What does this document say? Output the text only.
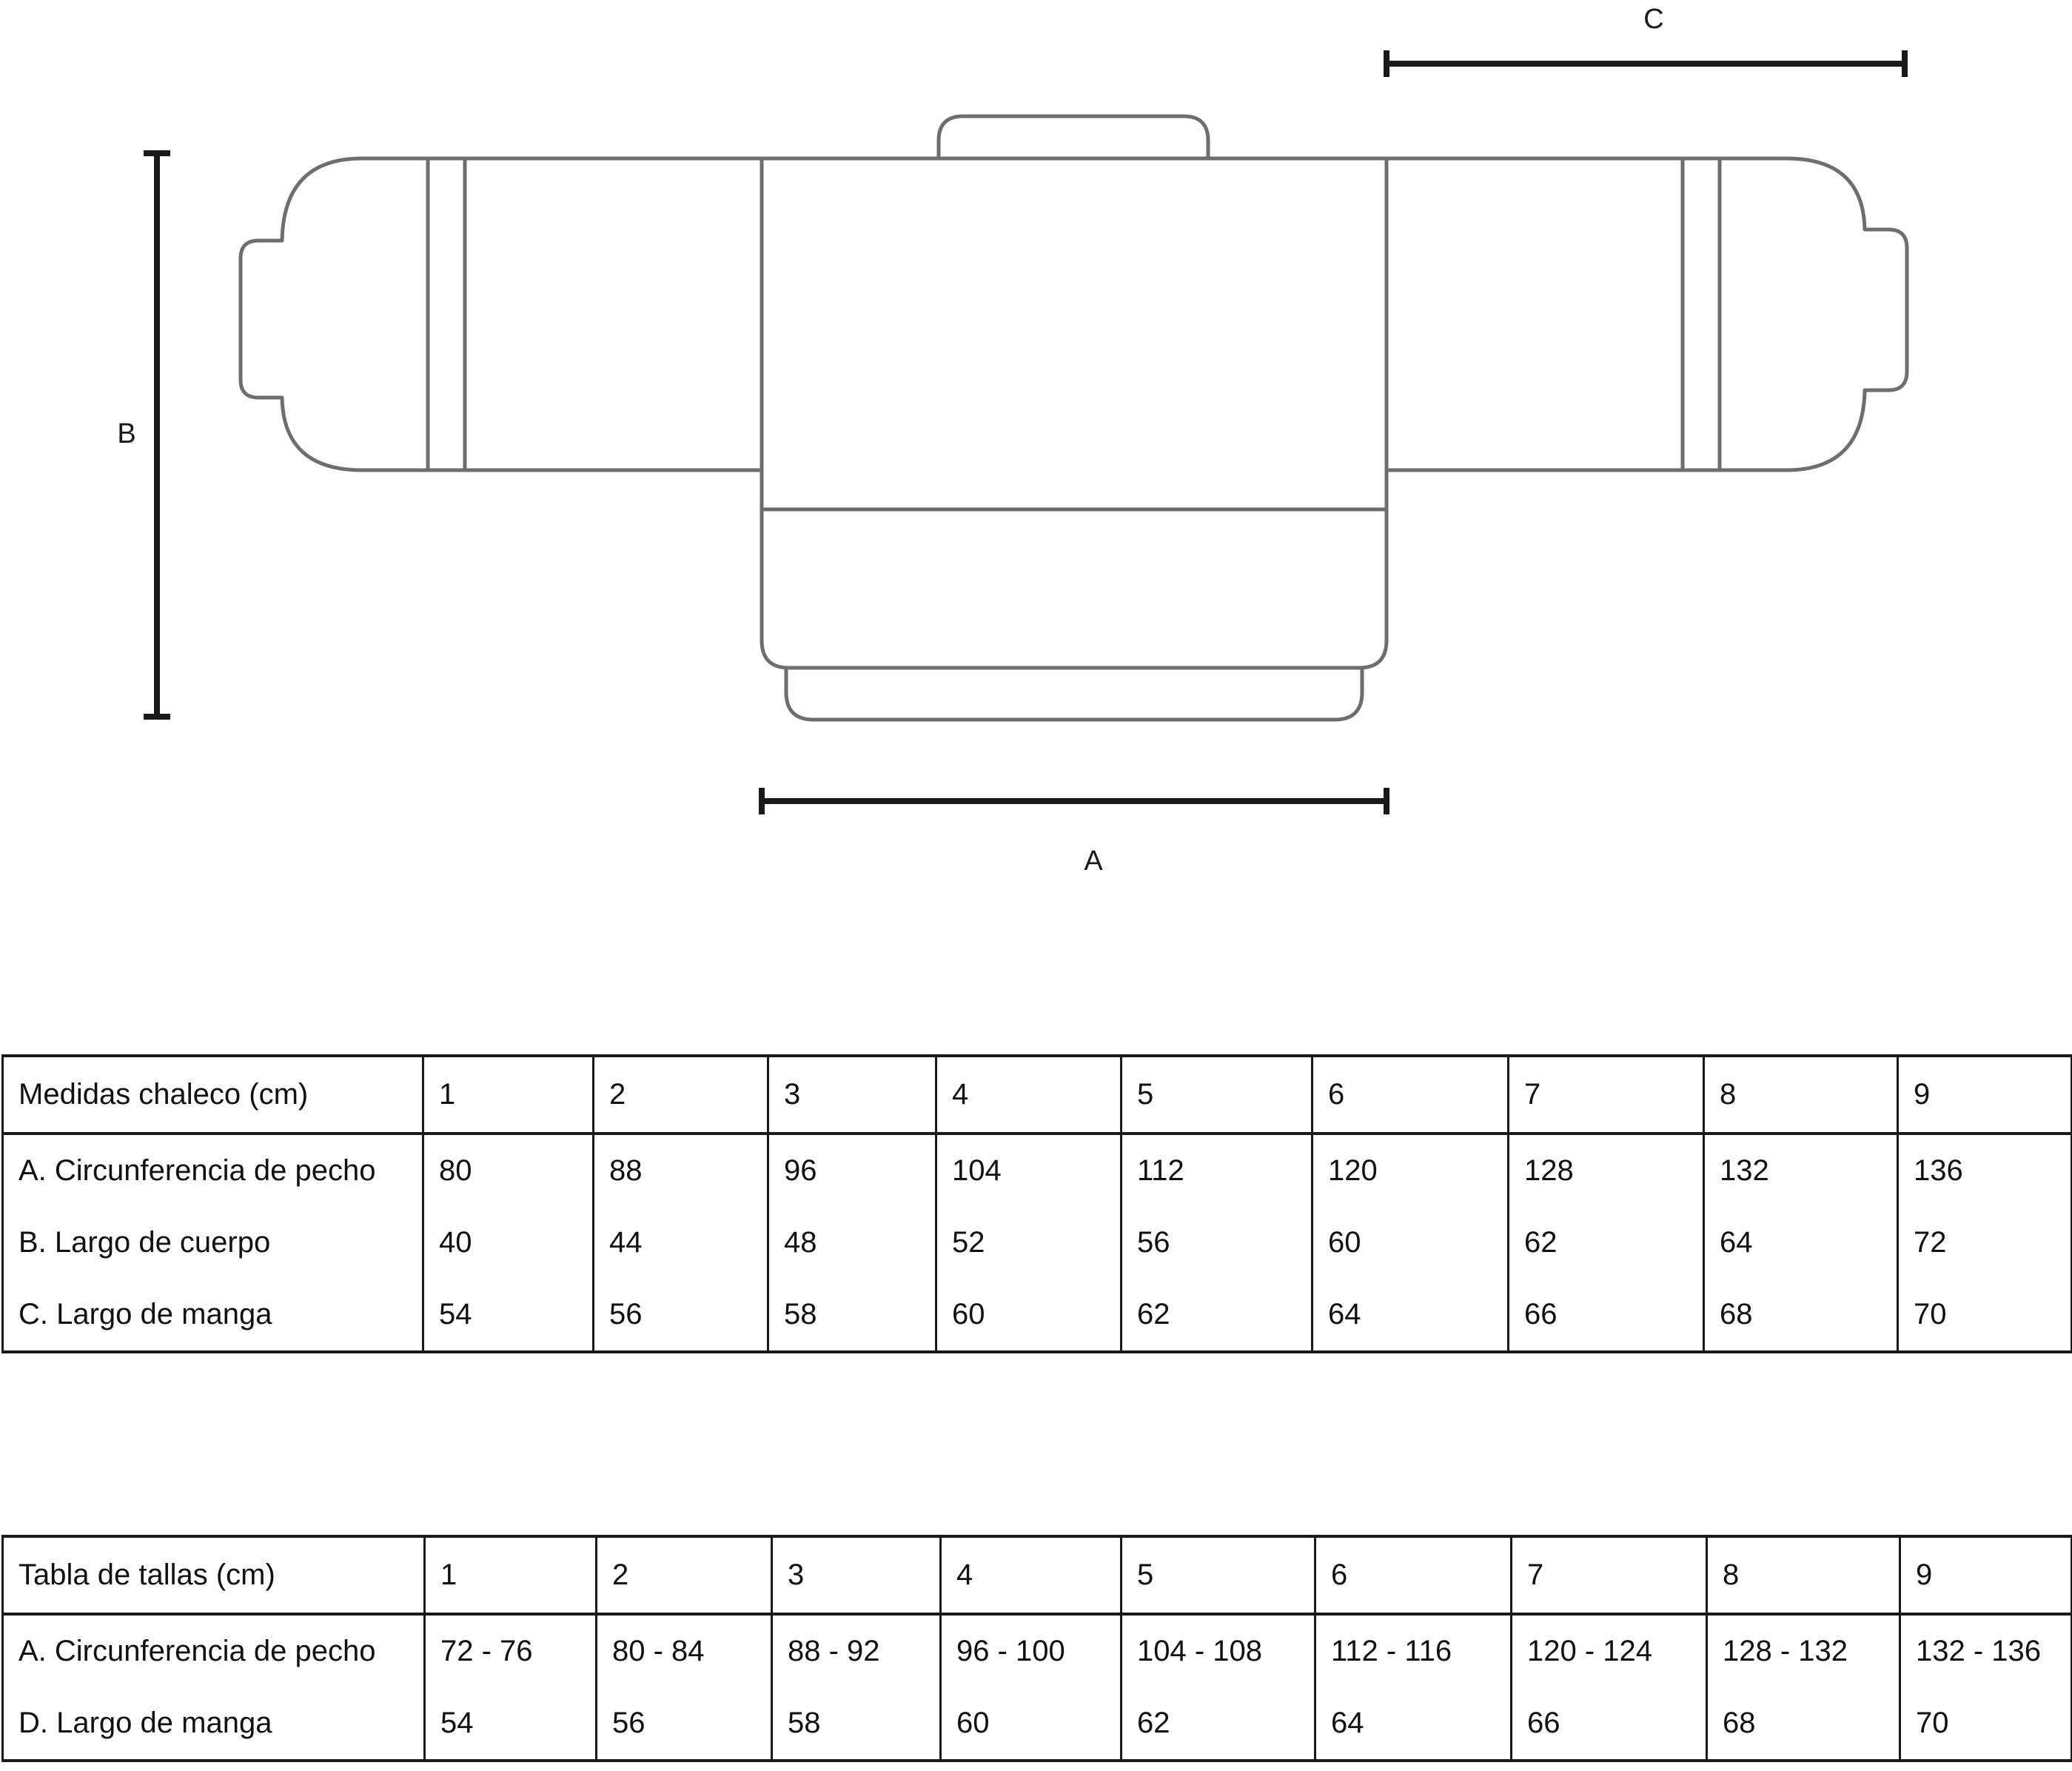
C
B
A
Medidas chaleco (cm)	1	2	3	4	5	6	7	8	9
A. Circunferencia de pecho	80	88	96	104	112	120	128	132	136
B. Largo de cuerpo	40	44	48	52	56	60	62	64	72
C. Largo de manga	54	56	58	60	62	64	66	68	70
Tabla de tallas (cm)	1	2	3	4	5	6	7	8	9
A. Circunferencia de pecho	72 - 76	80 - 84	88 - 92	96 - 100	104 - 108	112 - 116	120 - 124	128 - 132	132 - 136
D. Largo de manga	54	56	58	60	62	64	66	68	70
